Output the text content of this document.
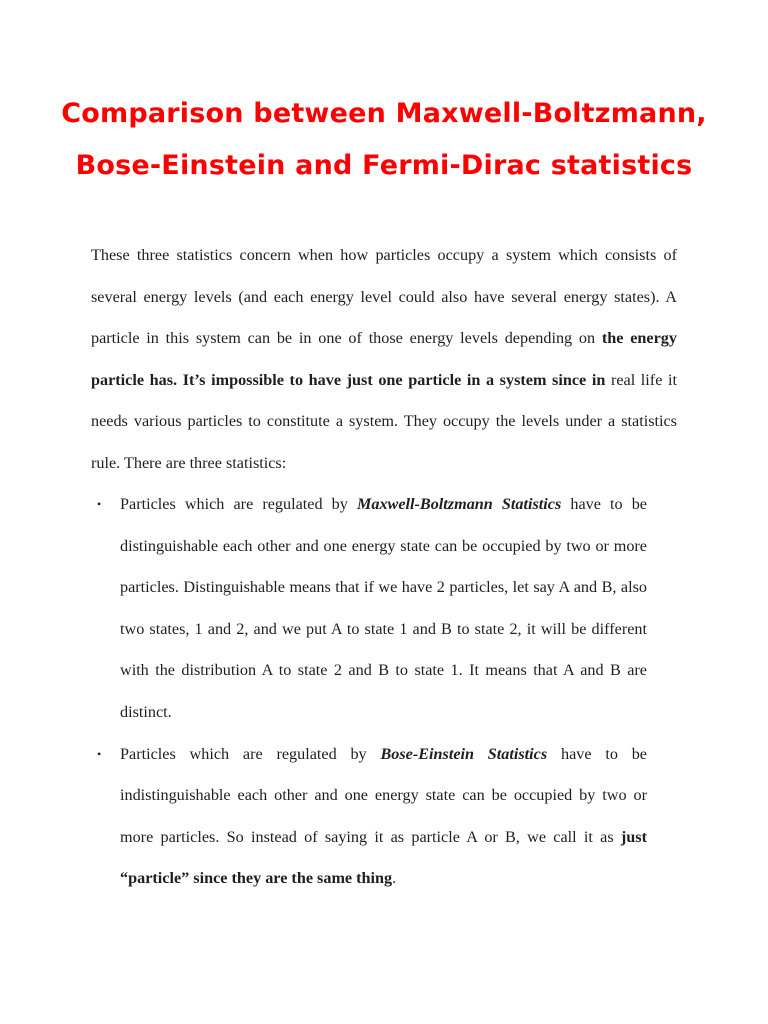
Comparison between Maxwell-Boltzmann, Bose-Einstein and Fermi-Dirac statistics

These three statistics concern when how particles occupy a system which consists of several energy levels (and each energy level could also have several energy states). A particle in this system can be in one of those energy levels depending on the energy particle has. It’s impossible to have just one particle in a system since in real life it needs various particles to constitute a system. They occupy the levels under a statistics rule. There are three statistics:

• Particles which are regulated by Maxwell-Boltzmann Statistics have to be distinguishable each other and one energy state can be occupied by two or more particles. Distinguishable means that if we have 2 particles, let say A and B, also two states, 1 and 2, and we put A to state 1 and B to state 2, it will be different with the distribution A to state 2 and B to state 1. It means that A and B are distinct.
• Particles which are regulated by Bose-Einstein Statistics have to be indistinguishable each other and one energy state can be occupied by two or more particles. So instead of saying it as particle A or B, we call it as just “particle” since they are the same thing.
